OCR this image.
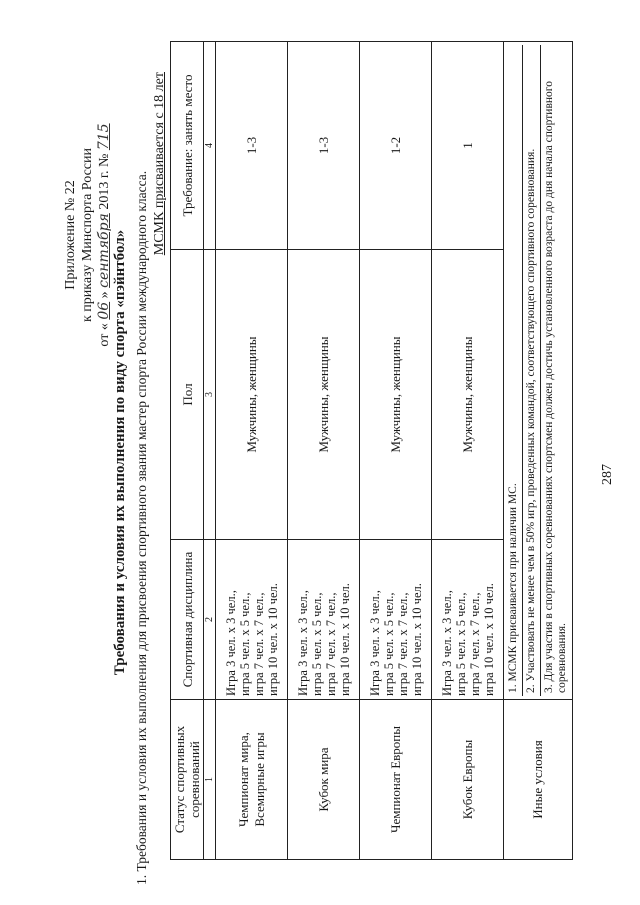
287
Приложение № 22 к приказу Минспорта России
от « 06 » сентября 2013 г. № 715
Требования и условия их выполнения по виду спорта «пэйнтбол» 1. Требования и условия их выполнения для присвоения спортивного звания мастер спорта России международного класса.
МСМК присваивается с 18 лет
Статус спортивных соревнований	Спортивная дисциплина	Пол	Требование: занять место
1	2	3	4
Чемпионат мира, Всемирные игры	Игра 3 чел. х 3 чел., игра 5 чел. х 5 чел., игра 7 чел. х 7 чел., игра 10 чел. х 10 чел.	Мужчины, женщины	1-3
Кубок мира	Игра 3 чел. х 3 чел., игра 5 чел. х 5 чел., игра 7 чел. х 7 чел., игра 10 чел. х 10 чел.	Мужчины, женщины	1-3
Чемпионат Европы	Игра 3 чел. х 3 чел., игра 5 чел. х 5 чел., игра 7 чел. х 7 чел., игра 10 чел. х 10 чел.	Мужчины, женщины	1-2
Кубок Европы	Игра 3 чел. х 3 чел., игра 5 чел. х 5 чел., игра 7 чел. х 7 чел., игра 10 чел. х 10 чел.	Мужчины, женщины	1
Иные условия	1. МСМК присваивается при наличии МС. 2. Участвовать не менее чем в 50% игр, проведенных командой, соответствующего спортивного соревнования. 3. Для участия в спортивных соревнованиях спортсмен должен достичь установленного возраста до дня начала спортивного соревнования.		
